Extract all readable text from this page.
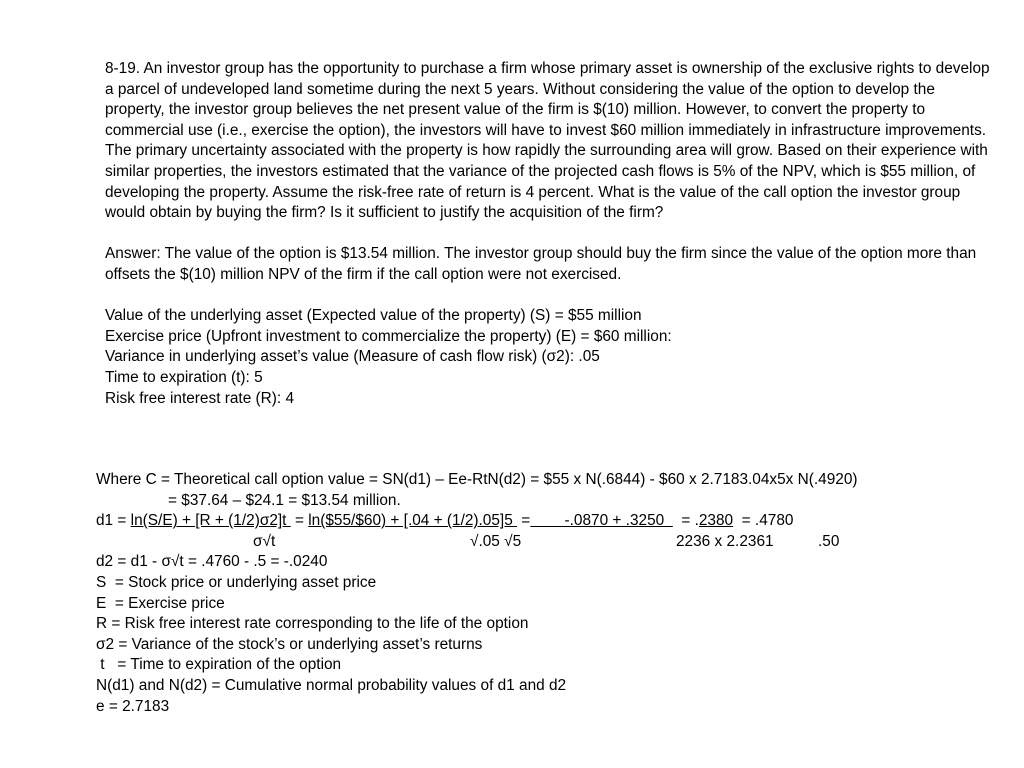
8-19. An investor group has the opportunity to purchase a firm whose primary asset is ownership of the exclusive rights to develop a parcel of undeveloped land sometime during the next 5 years. Without considering the value of the option to develop the property, the investor group believes the net present value of the firm is $(10) million. However, to convert the property to commercial use (i.e., exercise the option), the investors will have to invest $60 million immediately in infrastructure improvements. The primary uncertainty associated with the property is how rapidly the surrounding area will grow. Based on their experience with similar properties, the investors estimated that the variance of the projected cash flows is 5% of the NPV, which is $55 million, of developing the property. Assume the risk-free rate of return is 4 percent. What is the value of the call option the investor group would obtain by buying the firm? Is it sufficient to justify the acquisition of the firm?

Answer: The value of the option is $13.54 million. The investor group should buy the firm since the value of the option more than offsets the $(10) million NPV of the firm if the call option were not exercised.

Value of the underlying asset (Expected value of the property) (S) = $55 million
Exercise price (Upfront investment to commercialize the property) (E) = $60 million:
Variance in underlying asset’s value (Measure of cash flow risk) (σ2): .05
Time to expiration (t): 5
Risk free interest rate (R): 4
Where C = Theoretical call option value = SN(d1) – Ee-RtN(d2) = $55 x N(.6844) - $60 x 2.7183.04x5x N(.4920)
= $37.64 – $24.1 = $13.54 million.
d1 = ln(S/E) + [R + (1/2)σ2]t  = ln($55/$60) + [.04 + (1/2).05]5  =        -.0870 + .3250    = .2380  = .4780
σ√t	√.05 √5	2236 x 2.2361	.50
d2 = d1 - σ√t = .4760 - .5 = -.0240
S  = Stock price or underlying asset price
E  = Exercise price
R = Risk free interest rate corresponding to the life of the option
σ2 = Variance of the stock’s or underlying asset’s returns
t   = Time to expiration of the option
N(d1) and N(d2) = Cumulative normal probability values of d1 and d2
e = 2.7183
